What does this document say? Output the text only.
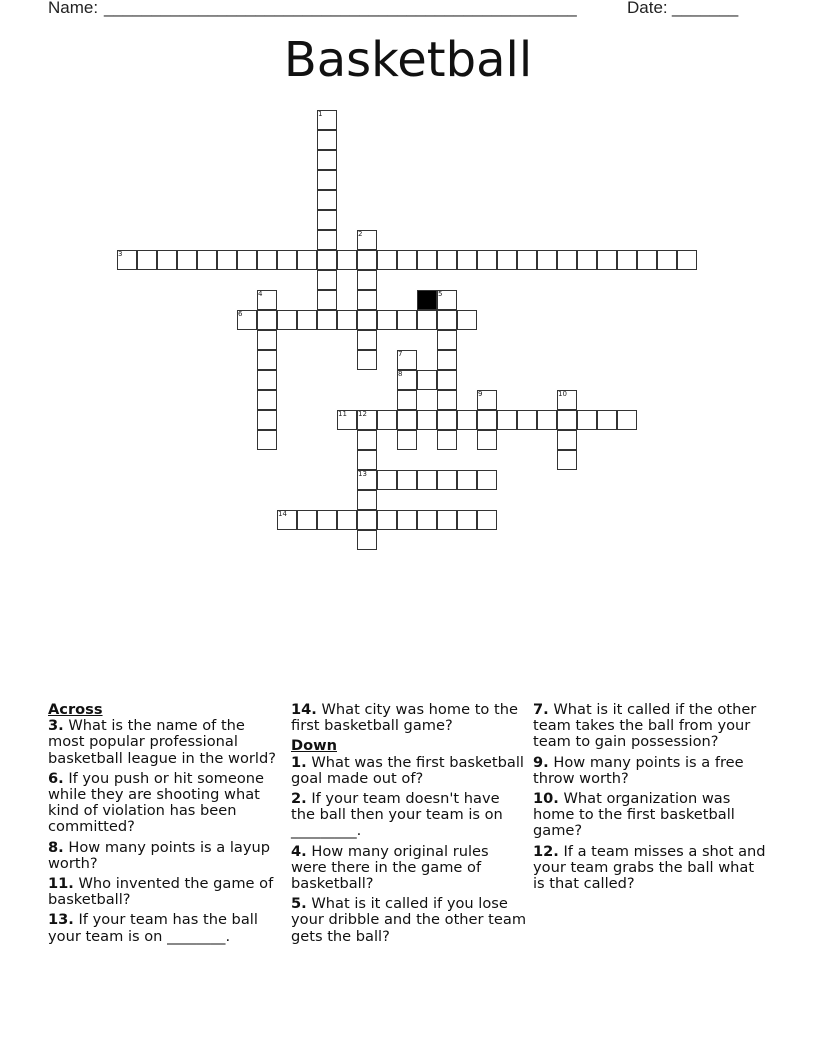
Name: __________________________________________________	Date: _______
Basketball
1
2
3
4	5
6
7
8
9	10
11 12
13
14
Across
3. What is the name of the most popular professional basketball league in the world?
6. If you push or hit someone while they are shooting what kind of violation has been committed?
8. How many points is a layup worth?
11. Who invented the game of basketball?
13. If your team has the ball your team is on ________.
14. What city was home to the first basketball game?
Down
1. What was the first basketball goal made out of?
2. If your team doesn't have the ball then your team is on _________.
4. How many original rules were there in the game of basketball?
5. What is it called if you lose your dribble and the other team gets the ball?
7. What is it called if the other team takes the ball from your team to gain possession?
9. How many points is a free throw worth?
10. What organization was home to the first basketball game?
12. If a team misses a shot and your team grabs the ball what is that called?
